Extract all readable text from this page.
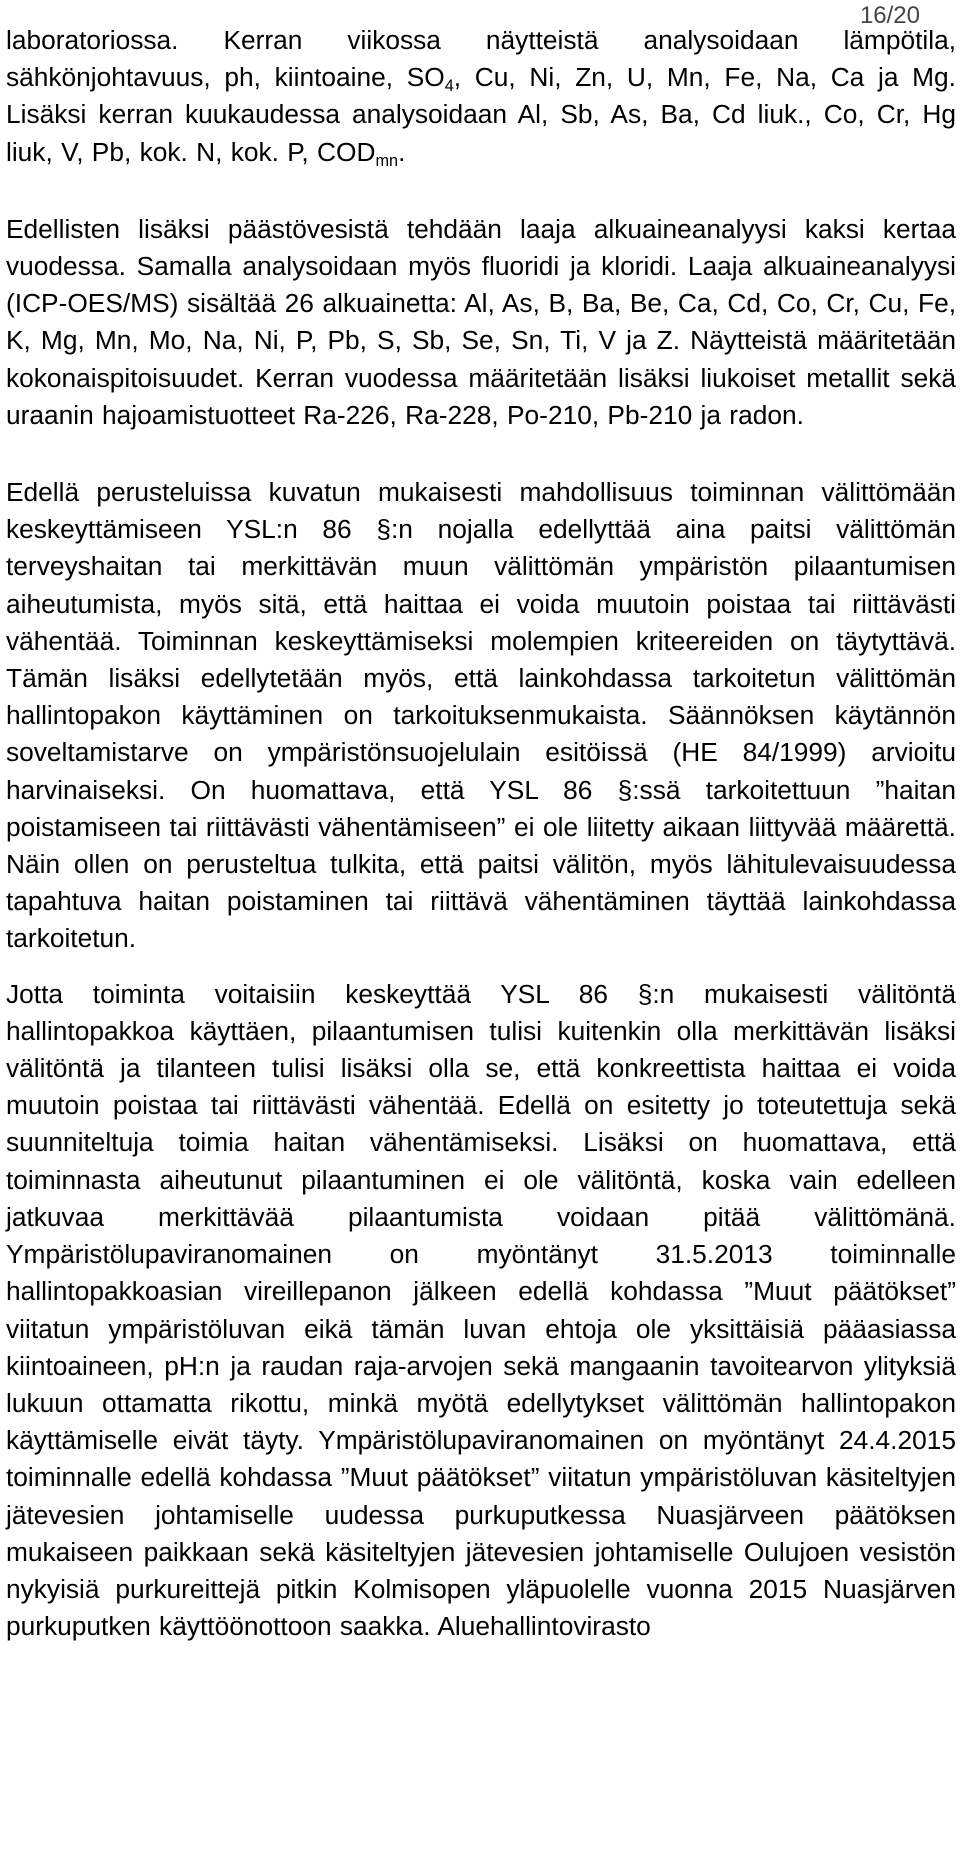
16/20

laboratoriossa. Kerran viikossa näytteistä analysoidaan lämpötila, sähkönjohtavuus, ph, kiintoaine, $SO_4$, Cu, Ni, Zn, U, Mn, Fe, Na, Ca ja Mg. Lisäksi kerran kuukaudessa analysoidaan Al, Sb, As, Ba, Cd liuk., Co, Cr, Hg liuk, V, Pb, kok. N, kok. P, $COD_{mn}$.

Edellisten lisäksi päästövesistä tehdään laaja alkuaineanalyysi kaksi kertaa vuodessa. Samalla analysoidaan myös fluoridi ja kloridi. Laaja alkuaineanalyysi (ICP-OES/MS) sisältää 26 alkuainetta: Al, As, B, Ba, Be, Ca, Cd, Co, Cr, Cu, Fe, K, Mg, Mn, Mo, Na, Ni, P, Pb, S, Sb, Se, Sn, Ti, V ja Z. Näytteistä määritetään kokonaispitoisuudet. Kerran vuodessa määritetään lisäksi liukoiset metallit sekä uraanin hajoamistuotteet Ra-226, Ra-228, Po-210, Pb-210 ja radon.

Edellä perusteluissa kuvatun mukaisesti mahdollisuus toiminnan välittömään keskeyttämiseen YSL:n 86 §:n nojalla edellyttää aina paitsi välittömän terveyshaitan tai merkittävän muun välittömän ympäristön pilaantumisen aiheutumista, myös sitä, että haittaa ei voida muutoin poistaa tai riittävästi vähentää. Toiminnan keskeyttämiseksi molempien kriteereiden on täytyttävä. Tämän lisäksi edellytetään myös, että lainkohdassa tarkoitetun välittömän hallintopakon käyttäminen on tarkoituksenmukaista. Säännöksen käytännön soveltamistarve on ympäristönsuojelulain esitöissä (HE 84/1999) arvioitu harvinaiseksi. On huomattava, että YSL 86 §:ssä tarkoitettuun ”haitan poistamiseen tai riittävästi vähentämiseen” ei ole liitetty aikaan liittyvää määrettä. Näin ollen on perusteltua tulkita, että paitsi välitön, myös lähitulevaisuudessa tapahtuva haitan poistaminen tai riittävä vähentäminen täyttää lainkohdassa tarkoitetun.

Jotta toiminta voitaisiin keskeyttää YSL 86 §:n mukaisesti välitöntä hallintopakkoa käyttäen, pilaantumisen tulisi kuitenkin olla merkittävän lisäksi välitöntä ja tilanteen tulisi lisäksi olla se, että konkreettista haittaa ei voida muutoin poistaa tai riittävästi vähentää. Edellä on esitetty jo toteutettuja sekä suunniteltuja toimia haitan vähentämiseksi. Lisäksi on huomattava, että toiminnasta aiheutunut pilaantuminen ei ole välitöntä, koska vain edelleen jatkuvaa merkittävää pilaantumista voidaan pitää välittömänä. Ympäristölupaviranomainen on myöntänyt 31.5.2013 toiminnalle hallintopakkoasian vireillepanon jälkeen edellä kohdassa ”Muut päätökset” viitatun ympäristöluvan eikä tämän luvan ehtoja ole yksittäisiä pääasiassa kiintoaineen, pH:n ja raudan raja-arvojen sekä mangaanin tavoitearvon ylityksiä lukuun ottamatta rikottu, minkä myötä edellytykset välittömän hallintopakon käyttämiselle eivät täyty. Ympäristölupaviranomainen on myöntänyt 24.4.2015 toiminnalle edellä kohdassa ”Muut päätökset” viitatun ympäristöluvan käsiteltyjen jätevesien johtamiselle uudessa purkuputkessa Nuasjärveen päätöksen mukaiseen paikkaan sekä käsiteltyjen jätevesien johtamiselle Oulujoen vesistön nykyisiä purkureittejä pitkin Kolmisopen yläpuolelle vuonna 2015 Nuasjärven purkuputken käyttöönottoon saakka. Aluehallintovirasto
